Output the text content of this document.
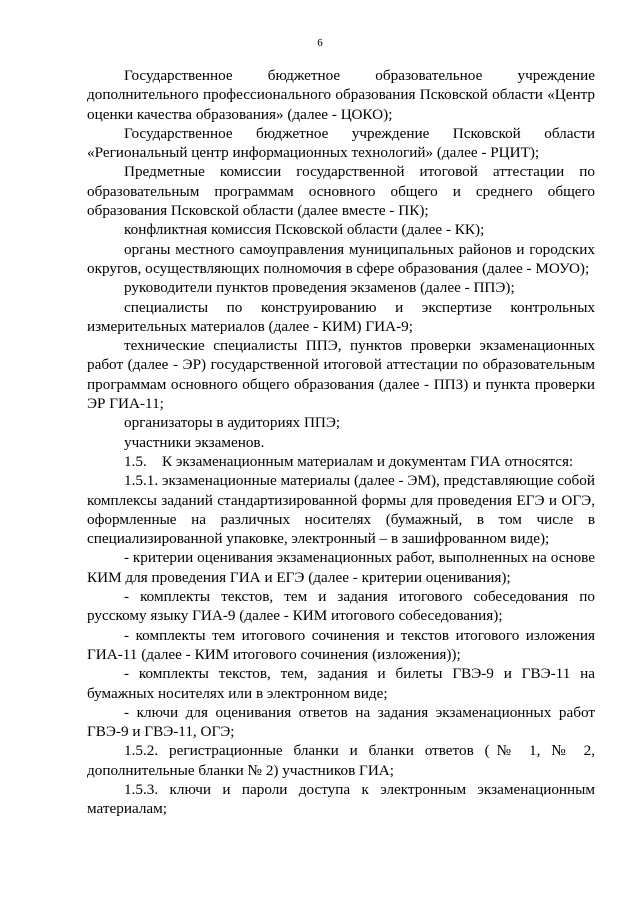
6

Государственное бюджетное образовательное учреждение дополнительного профессионального образования Псковской области «Центр оценки качества образования» (далее - ЦОКО);

Государственное бюджетное учреждение Псковской области «Региональный центр информационных технологий» (далее - РЦИТ);

Предметные комиссии государственной итоговой аттестации по образовательным программам основного общего и среднего общего образования Псковской области (далее вместе - ПК);

конфликтная комиссия Псковской области (далее - КК);

органы местного самоуправления муниципальных районов и городских округов, осуществляющих полномочия в сфере образования (далее - МОУО);

руководители пунктов проведения экзаменов (далее - ППЭ);

специалисты по конструированию и экспертизе контрольных измерительных материалов (далее - КИМ) ГИА-9;

технические специалисты ППЭ, пунктов проверки экзаменационных работ (далее - ЭР) государственной итоговой аттестации по образовательным программам основного общего образования (далее - ППЗ) и пункта проверки ЭР ГИА-11;

организаторы в аудиториях ППЭ;

участники экзаменов.

1.5.    К экзаменационным материалам и документам ГИА относятся:

1.5.1. экзаменационные материалы (далее - ЭМ), представляющие собой комплексы заданий стандартизированной формы для проведения ЕГЭ и ОГЭ, оформленные на различных носителях (бумажный, в том числе в специализированной упаковке, электронный – в зашифрованном виде);

- критерии оценивания экзаменационных работ, выполненных на основе КИМ для проведения ГИА и ЕГЭ (далее - критерии оценивания);

- комплекты текстов, тем и задания итогового собеседования по русскому языку ГИА-9 (далее - КИМ итогового собеседования);

- комплекты тем итогового сочинения и текстов итогового изложения ГИА-11 (далее - КИМ итогового сочинения (изложения));

- комплекты текстов, тем, задания и билеты ГВЭ-9 и ГВЭ-11 на бумажных носителях или в электронном виде;

- ключи для оценивания ответов на задания экзаменационных работ ГВЭ-9 и ГВЭ-11, ОГЭ;

1.5.2. регистрационные бланки и бланки ответов (№ 1, № 2, дополнительные бланки № 2) участников ГИА;

1.5.3. ключи и пароли доступа к электронным экзаменационным материалам;
